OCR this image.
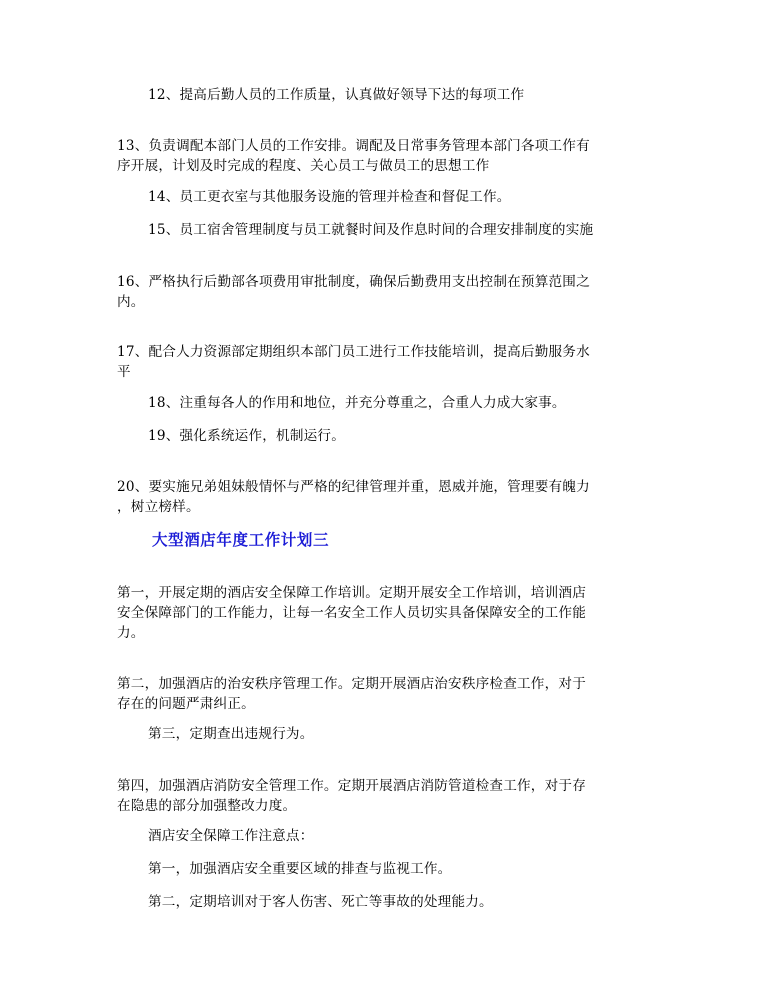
12、提高后勤人员的工作质量，认真做好领导下达的每项工作
13、负责调配本部门人员的工作安排。调配及日常事务管理本部门各项工作有
序开展，计划及时完成的程度、关心员工与做员工的思想工作
14、员工更衣室与其他服务设施的管理并检查和督促工作。
15、员工宿舍管理制度与员工就餐时间及作息时间的合理安排制度的实施
16、严格执行后勤部各项费用审批制度，确保后勤费用支出控制在预算范围之
内。
17、配合人力资源部定期组织本部门员工进行工作技能培训，提高后勤服务水
平
18、注重每各人的作用和地位，并充分尊重之，合重人力成大家事。
19、强化系统运作，机制运行。
20、要实施兄弟姐妹般情怀与严格的纪律管理并重，恩威并施，管理要有魄力
，树立榜样。
大型酒店年度工作计划三
第一，开展定期的酒店安全保障工作培训。定期开展安全工作培训，培训酒店
安全保障部门的工作能力，让每一名安全工作人员切实具备保障安全的工作能
力。
第二，加强酒店的治安秩序管理工作。定期开展酒店治安秩序检查工作，对于
存在的问题严肃纠正。
第三，定期查出违规行为。
第四，加强酒店消防安全管理工作。定期开展酒店消防管道检查工作，对于存
在隐患的部分加强整改力度。
酒店安全保障工作注意点：
第一，加强酒店安全重要区域的排查与监视工作。
第二，定期培训对于客人伤害、死亡等事故的处理能力。
